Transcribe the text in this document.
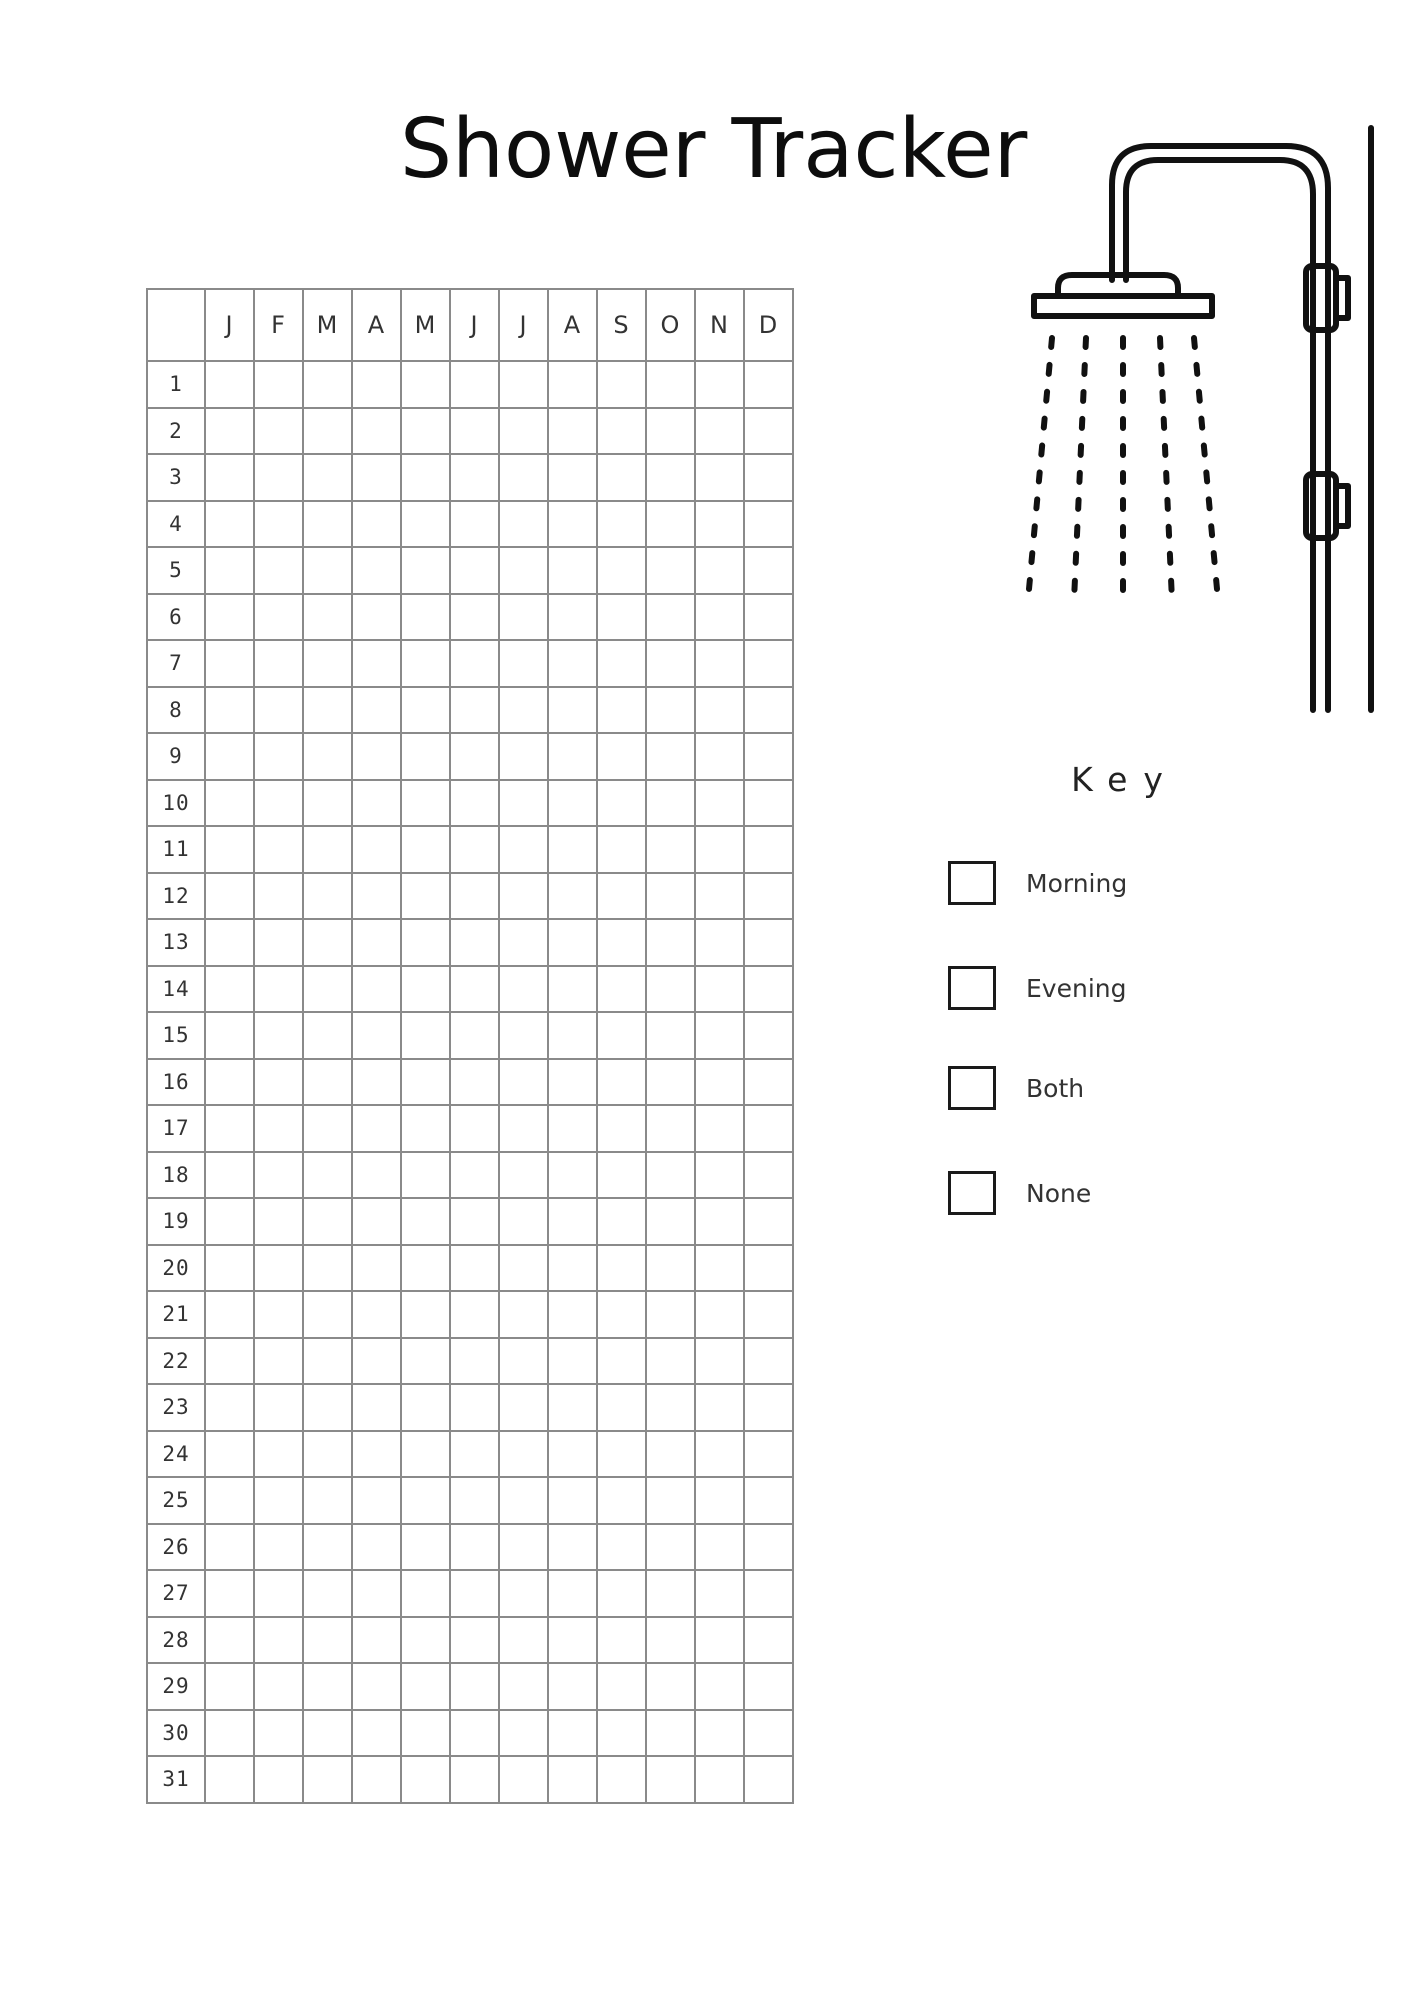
Shower Tracker
	J	F	M	A	M	J	J	A	S	O	N	D
1												
2												
3												
4												
5												
6												
7												
8												
9												
10												
11												
12												
13												
14												
15												
16												
17												
18												
19												
20												
21												
22												
23												
24												
25												
26												
27												
28												
29												
30												
31												
Key
Morning
Evening
Both
None
